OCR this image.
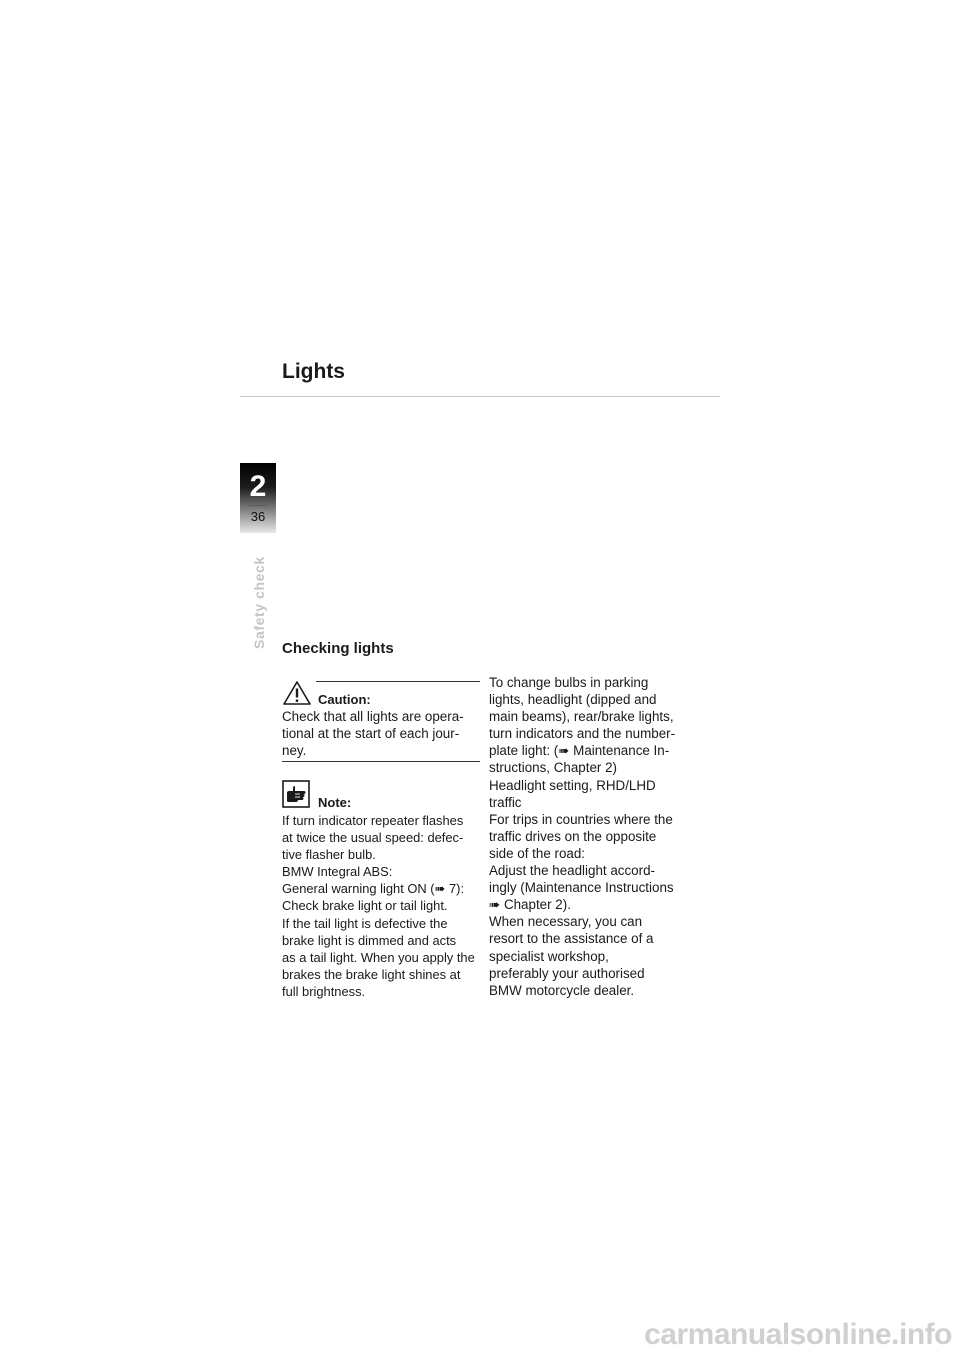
Lights
2
36
Safety check Checking lights
Caution:
Check that all lights are opera-
tional at the start of each jour-
ney.
Note:
If turn indicator repeater flashes
at twice the usual speed: defec-
tive flasher bulb.
BMW Integral ABS:
General warning light ON (➠ 7):
Check brake light or tail light.
If the tail light is defective the
brake light is dimmed and acts
as a tail light. When you apply the
brakes the brake light shines at
full brightness.
To change bulbs in parking
lights, headlight (dipped and
main beams), rear/brake lights,
turn indicators and the number-
plate light: (➠ Maintenance In-
structions, Chapter 2)
Headlight setting, RHD/LHD
traffic
For trips in countries where the
traffic drives on the opposite
side of the road:
Adjust the headlight accord-
ingly (Maintenance Instructions
➠ Chapter 2).
When necessary, you can
resort to the assistance of a
specialist workshop,
preferably your authorised
BMW motorcycle dealer.
carmanualsonline.info
